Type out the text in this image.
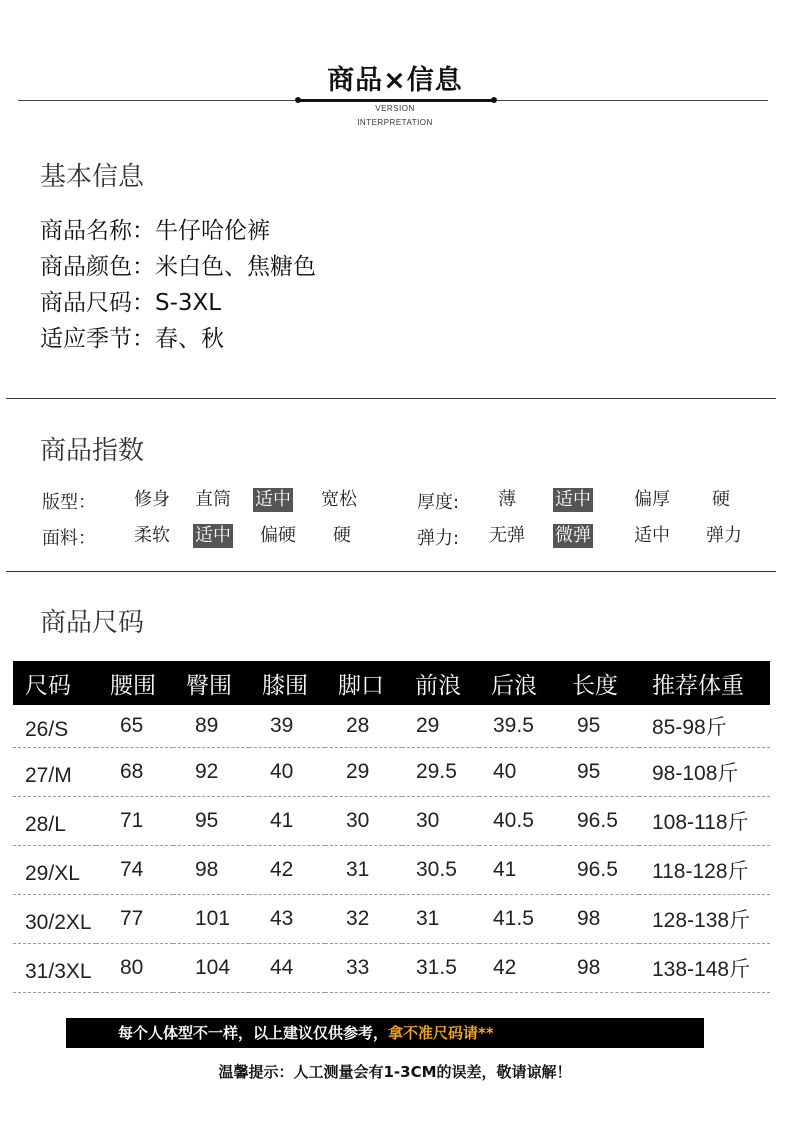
商品×信息
VERSION
INTERPRETATION
基本信息
商品名称：牛仔哈伦裤
商品颜色：米白色、焦糖色
商品尺码：S-3XL
适应季节：春、秋
商品指数
版型： 修身 直筒 适中 宽松	厚度: 薄 适中 偏厚 硬
面料： 柔软 适中 偏硬 硬	弹力: 无弹 微弹 适中 弹力
商品尺码
尺码	腰围	臀围	膝围	脚口	前浪	后浪	长度	推荐体重
26/S	65	89	39	28	29	39.5	95	85-98斤
27/M	68	92	40	29	29.5	40	95	98-108斤
28/L	71	95	41	30	30	40.5	96.5	108-118斤
29/XL	74	98	42	31	30.5	41	96.5	118-128斤
30/2XL	77	101	43	32	31	41.5	98	128-138斤
31/3XL	80	104	44	33	31.5	42	98	138-148斤
每个人体型不一样，以上建议仅供参考，拿不准尺码请**
温馨提示：人工测量会有1-3CM的误差，敬请谅解！
